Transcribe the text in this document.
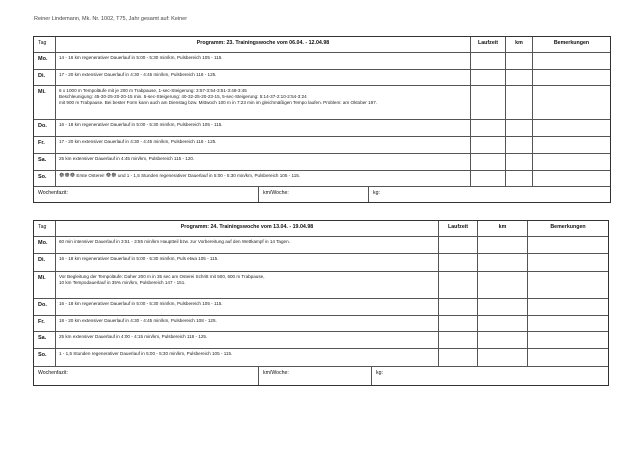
Reiner Lindemann, Mk. Nr. 1002, T75, Jahr gesamt auf: Keiner
Tag	Programm: 23. Trainingswoche vom 06.04. - 12.04.98	Laufzeit	km	Bemerkungen
Mo.	14 - 16 km regenerativer Dauerlauf in 5:00 - 5:30 min/km, Pulsbereich 105 - 115.
Di.	17 - 20 km extensiver Dauerlauf in 4:30 - 4:45 min/km, Pulsbereich 118 - 125.
Mi.	6 x 1000 m Tempoläufe mit je 200 m Trabpause, 1-sec-Steigerung: 3:57-3:54-3:51-3:48-3:45
Beschleunigung: 45-30-25-20-20-15 min. 5-sec-Steigerung: 40-32-25-20-23-15, 5-sec-Steigerung: 5:14-37-2:10-2:54-3:24
mit 900 m Trabpause. Bei bester Form kann auch am Dienstag bzw. Mittwoch 100 m in 7:23 min im gleichmäßigen Tempo laufen. Problem: am Oktober 197.
Do.	16 - 18 km regenerativer Dauerlauf in 5:00 - 5:30 min/km, Pulsbereich 105 - 115.
Fr.	17 - 20 km extensiver Dauerlauf in 4:30 - 4:45 min/km, Pulsbereich 118 - 125.
Sa.	25 km extensiver Dauerlauf in 4:45 min/km, Pulsbereich 115 - 120.
So.	☸☸☸ Erste Osterei! ☸☸ und 1 - 1,5 Stunden regenerativer Dauerlauf in 5:00 - 5:30 min/km, Pulsbereich 105 - 115.
Wochenfazit:	km/Woche:	kg:
Tag	Programm: 24. Trainingswoche vom 13.04. - 19.04.98	Laufzeit	km	Bemerkungen
Mo.	60 min intensiver Dauerlauf in 3:51 - 3:55 min/km Hauptteil bzw. zur Vorbereitung auf den Wettkampf in 14 Tagen.
Di.	16 - 18 km regenerativer Dauerlauf in 5:00 - 5:30 min/km, Puls etwa 105 - 115.
Mi.	Vor Begleitung der Tempoläufe: Daher 200 m in 35 sec am Osterei Schritt mit 500, 600 m Trabpause,
10 km Tempodauerlauf in 35% min/km, Pulsbereich 147 - 151.
Do.	16 - 18 km regenerativer Dauerlauf in 5:00 - 5:30 min/km, Pulsbereich 105 - 115.
Fr.	18 - 20 km extensiver Dauerlauf in 4:30 - 4:45 min/km, Pulsbereich 108 - 125.
Sa.	25 km extensiver Dauerlauf in 4:00 - 4:15 min/km, Pulsbereich 118 - 125.
So.	1 - 1,5 Stunden regenerativer Dauerlauf in 5:00 - 5:30 min/km, Pulsbereich 105 - 115.
Wochenfazit:	km/Woche:	kg:
